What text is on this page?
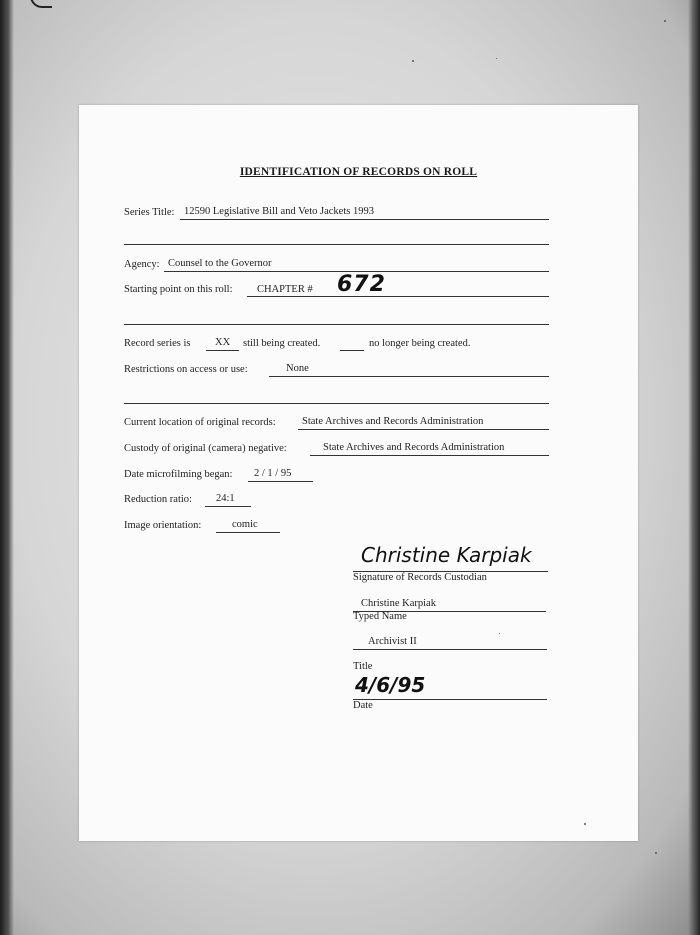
IDENTIFICATION OF RECORDS ON ROLL
Series Title: 12590 Legislative Bill and Veto Jackets 1993
Agency: Counsel to the Governor
Starting point on this roll: CHAPTER # 672
Record series is	XX	still being created.	no longer being created.
Restrictions on access or use:	None
Current location of original records:	State Archives and Records Administration
Custody of original (camera) negative:	State Archives and Records Administration
Date microfilming began:	2 / 1 / 95
Reduction ratio:	24:1
Image orientation:	comic
Christine Karpiak
Signature of Records Custodian
Christine Karpiak
Typed Name
Archivist II
Title
4/6/95
Date
